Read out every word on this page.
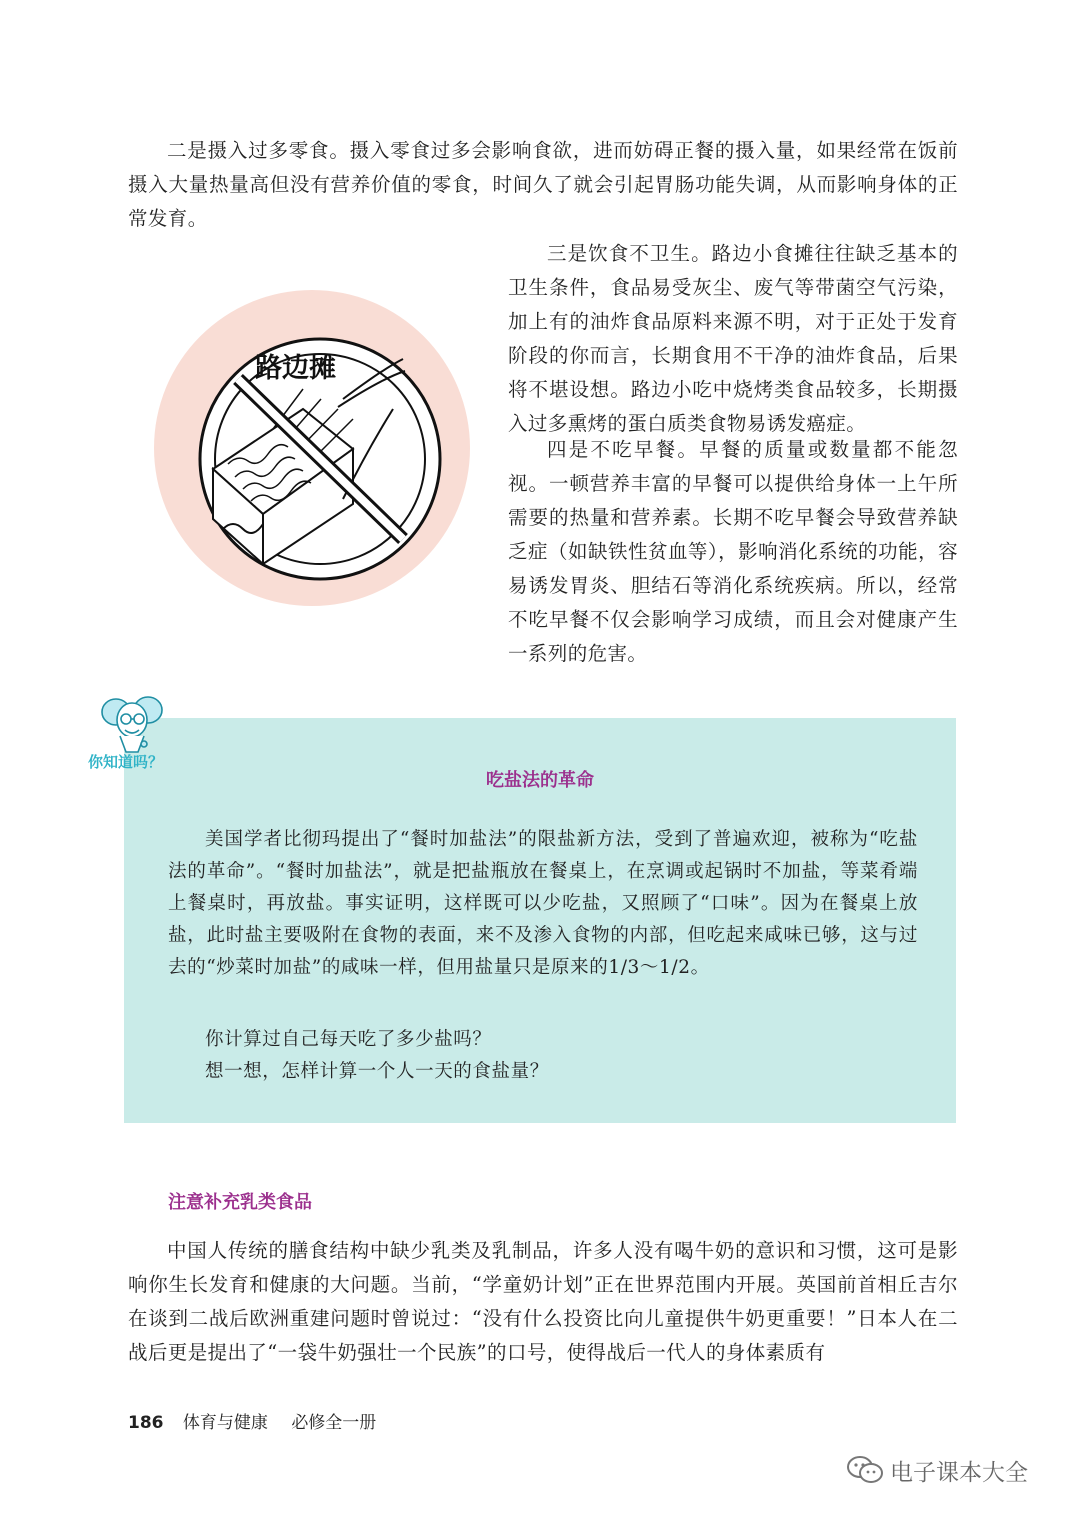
二是摄入过多零食。摄入零食过多会影响食欲，进而妨碍正餐的摄入量，如果经常在饭前摄入大量热量高但没有营养价值的零食，时间久了就会引起胃肠功能失调，从而影响身体的正常发育。

三是饮食不卫生。路边小食摊往往缺乏基本的卫生条件，食品易受灰尘、废气等带菌空气污染，加上有的油炸食品原料来源不明，对于正处于发育阶段的你而言，长期食用不干净的油炸食品，后果将不堪设想。路边小吃中烧烤类食品较多，长期摄入过多熏烤的蛋白质类食物易诱发癌症。

四是不吃早餐。早餐的质量或数量都不能忽视。一顿营养丰富的早餐可以提供给身体一上午所需要的热量和营养素。长期不吃早餐会导致营养缺乏症（如缺铁性贫血等），影响消化系统的功能，容易诱发胃炎、胆结石等消化系统疾病。所以，经常不吃早餐不仅会影响学习成绩，而且会对健康产生一系列的危害。

路边摊

吃盐法的革命

美国学者比彻玛提出了“餐时加盐法”的限盐新方法，受到了普遍欢迎，被称为“吃盐法的革命”。“餐时加盐法”，就是把盐瓶放在餐桌上，在烹调或起锅时不加盐，等菜肴端上餐桌时，再放盐。事实证明，这样既可以少吃盐，又照顾了“口味”。因为在餐桌上放盐，此时盐主要吸附在食物的表面，来不及渗入食物的内部，但吃起来咸味已够，这与过去的“炒菜时加盐”的咸味一样，但用盐量只是原来的1/3～1/2。

你计算过自己每天吃了多少盐吗？

想一想，怎样计算一个人一天的食盐量？

你知道吗？

注意补充乳类食品

中国人传统的膳食结构中缺少乳类及乳制品，许多人没有喝牛奶的意识和习惯，这可是影响你生长发育和健康的大问题。当前，“学童奶计划”正在世界范围内开展。英国前首相丘吉尔在谈到二战后欧洲重建问题时曾说过：“没有什么投资比向儿童提供牛奶更重要！”日本人在二战后更是提出了“一袋牛奶强壮一个民族”的口号，使得战后一代人的身体素质有

186 体育与健康 必修全一册
电子课本大全
